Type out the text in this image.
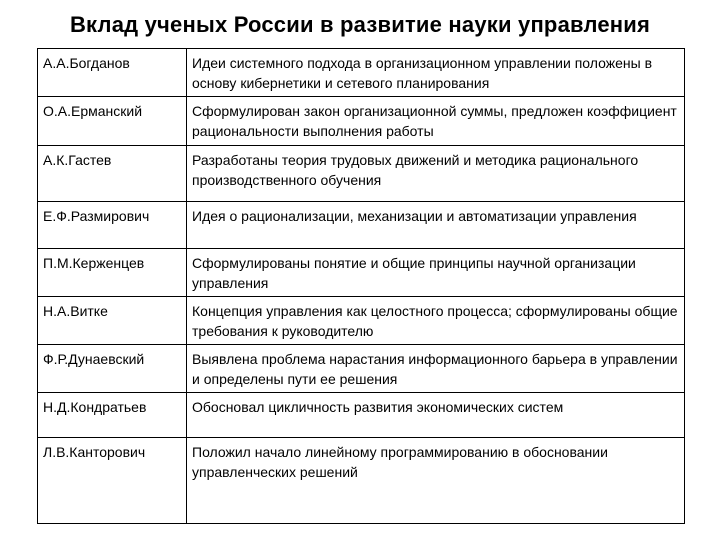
Вклад ученых России в развитие науки управления
А.А.Богданов	Идеи системного подхода в организационном управлении положены в основу кибернетики и сетевого планирования
О.А.Ерманский	Сформулирован закон организационной суммы, предложен коэффициент рациональности выполнения работы
А.К.Гастев	Разработаны теория трудовых движений и методика рационального производственного обучения
Е.Ф.Размирович	Идея о рационализации, механизации и автоматизации управления
П.М.Керженцев	Сформулированы понятие и общие принципы научной организации управления
Н.А.Витке	Концепция управления как целостного процесса; сформулированы общие требования к руководителю
Ф.Р.Дунаевский	Выявлена проблема нарастания информационного барьера в управлении и определены пути ее решения
Н.Д.Кондратьев	Обосновал цикличность развития экономических систем
Л.В.Канторович	Положил начало линейному программированию в обосновании управленческих решений
